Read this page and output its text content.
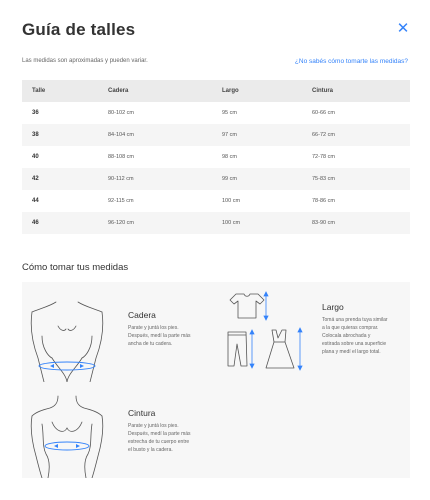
Guía de talles	✕
Las medidas son aproximadas y pueden variar.	¿No sabés cómo tomarte las medidas?
Talle	Cadera	Largo	Cintura
36	80-102 cm	95 cm	60-66 cm
38	84-104 cm	97 cm	66-72 cm
40	88-108 cm	98 cm	72-78 cm
42	90-112 cm	99 cm	75-83 cm
44	92-115 cm	100 cm	78-86 cm
46	96-120 cm	100 cm	83-90 cm
Cómo tomar tus medidas
Cadera
Parate y juntá los pies.
Después, medí la parte más
ancha de tu cadera.
Largo
Tomá una prenda tuya similar
a la que quieras comprar.
Colocala abrochada y
estirada sobre una superficie
plana y medí el largo total.
Cintura
Parate y juntá los pies.
Después, medí la parte más
estrecha de tu cuerpo entre
el busto y la cadera.
